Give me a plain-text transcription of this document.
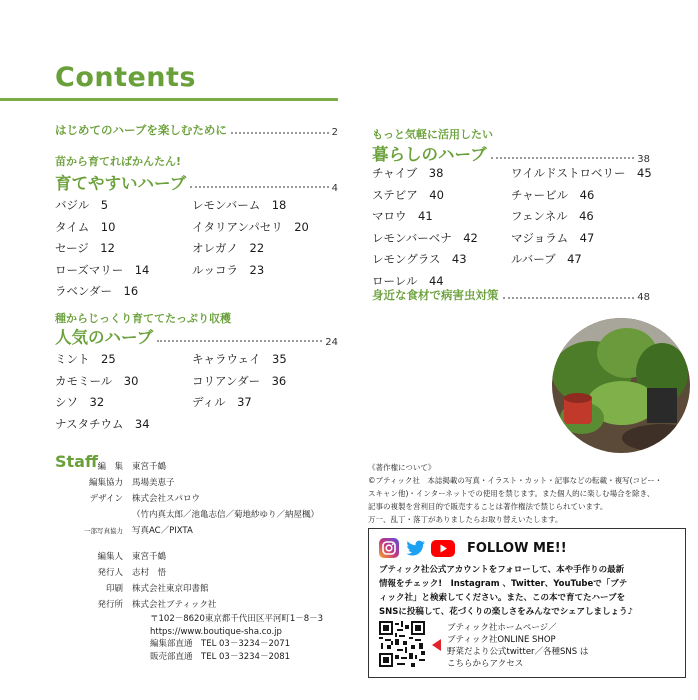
Contents
はじめてのハーブを楽しむために	2
苗から育てればかんたん!
育てやすいハーブ	4
バジル　5
タイム　10
セージ　12
ローズマリー　14
ラベンダー　16
レモンバーム　18
イタリアンパセリ　20
オレガノ　22
ルッコラ　23
種からじっくり育ててたっぷり収穫
人気のハーブ	24
ミント　25
カモミール　30
シソ　32
ナスタチウム　34
キャラウェイ　35
コリアンダー　36
ディル　37
もっと気軽に活用したい
暮らしのハーブ	38
チャイブ　38
ステビア　40
マロウ　41
レモンバーベナ　42
レモングラス　43
ローレル　44
ワイルドストロベリー　45
チャービル　46
フェンネル　46
マジョラム　47
ルバーブ　47
身近な食材で病害虫対策	48
Staff 編　集 東宮千鶴
編集協力 馬場美恵子
デザイン 株式会社スパロウ
（竹内真太郎／池亀志信／菊地紗ゆり／納屋楓）
一部写真協力 写真AC／PIXTA
編集人 東宮千鶴
発行人 志村　悟
印刷 株式会社東京印書館
発行所 株式会社ブティック社
〒102－8620東京都千代田区平河町1－8－3
https://www.boutique-sha.co.jp
編集部直通　TEL 03－3234－2071
販売部直通　TEL 03－3234－2081
《著作権について》
©ブティック社　本誌掲載の写真・イラスト・カット・記事などの転載・複写(コピー・
スキャン他)・インターネットでの使用を禁じます。また個人的に楽しむ場合を除き、
記事の複製を営利目的で販売することは著作権法で禁じられています。
万一、乱丁・落丁がありましたらお取り替えいたします。
FOLLOW ME!!
ブティック社公式アカウントをフォローして、本や手作りの最新
情報をチェック!　Instagram 、Twitter、YouTubeで「ブテ
ィック社」と検索してください。また、この本で育てたハーブを
SNSに投稿して、花づくりの楽しさをみんなでシェアしましょう♪
ブティック社ホームページ／
ブティック社ONLINE SHOP
野菜だより公式twitter／各種SNS は
こちらからアクセス
